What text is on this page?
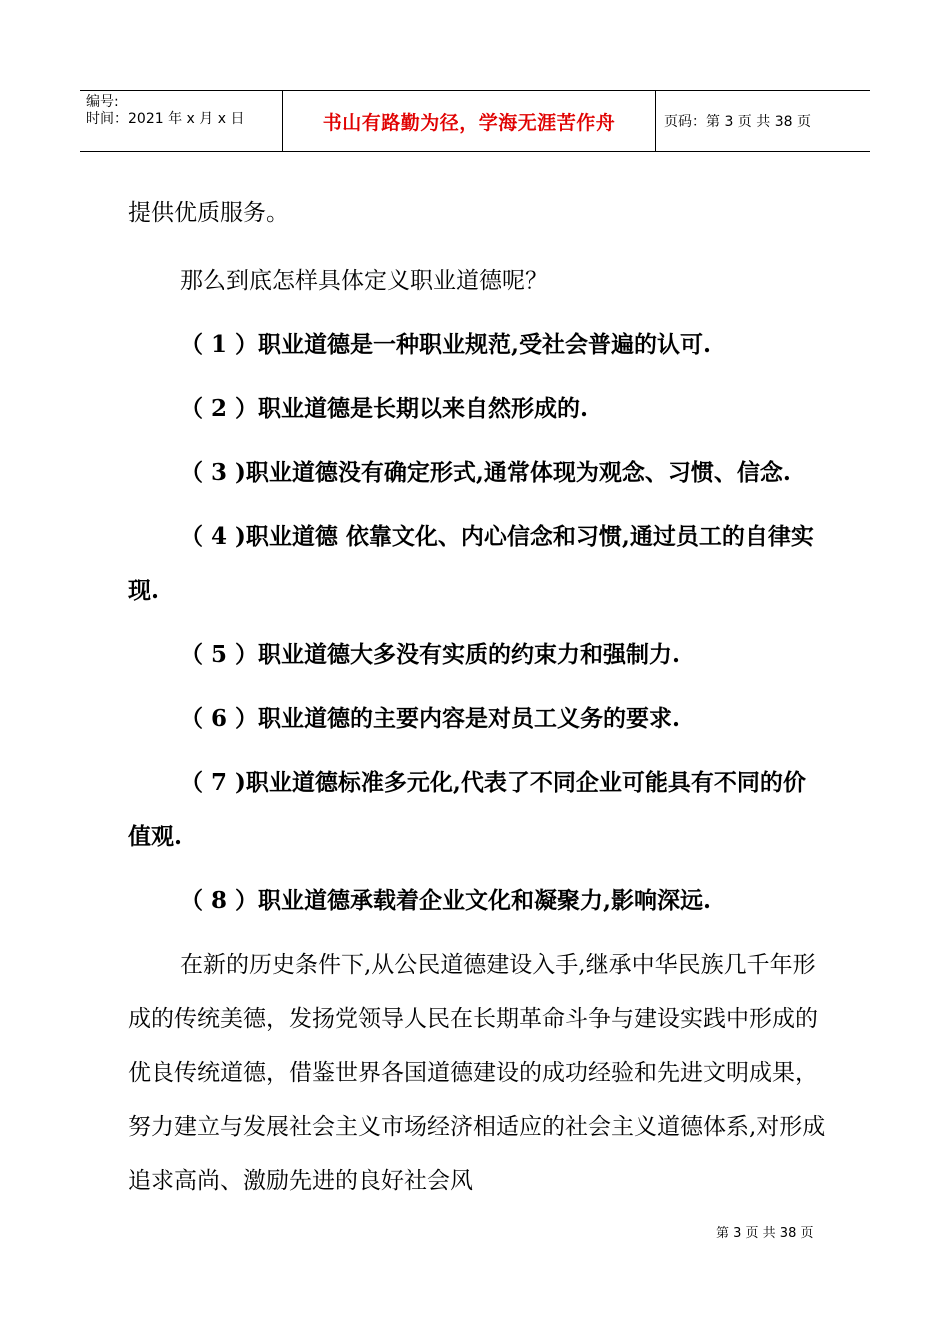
编号:
时间：2021 年 x 月 x 日	书山有路勤为径，学海无涯苦作舟	页码：第 3 页 共 38 页

提供优质服务。

那么到底怎样具体定义职业道德呢？

（ 1 ）职业道德是一种职业规范,受社会普遍的认可.

（ 2 ）职业道德是长期以来自然形成的.

（ 3 )职业道德没有确定形式,通常体现为观念、习惯、信念.

（ 4 )职业道德 依靠文化、内心信念和习惯,通过员工的自律实现.

（ 5 ）职业道德大多没有实质的约束力和强制力.

（ 6 ）职业道德的主要内容是对员工义务的要求.

（ 7 )职业道德标准多元化,代表了不同企业可能具有不同的价值观.

（ 8 ）职业道德承载着企业文化和凝聚力,影响深远.

在新的历史条件下,从公民道德建设入手,继承中华民族几千年形成的传统美德，发扬党领导人民在长期革命斗争与建设实践中形成的优良传统道德，借鉴世界各国道德建设的成功经验和先进文明成果，努力建立与发展社会主义市场经济相适应的社会主义道德体系,对形成追求高尚、激励先进的良好社会风

第 3 页 共 38 页
